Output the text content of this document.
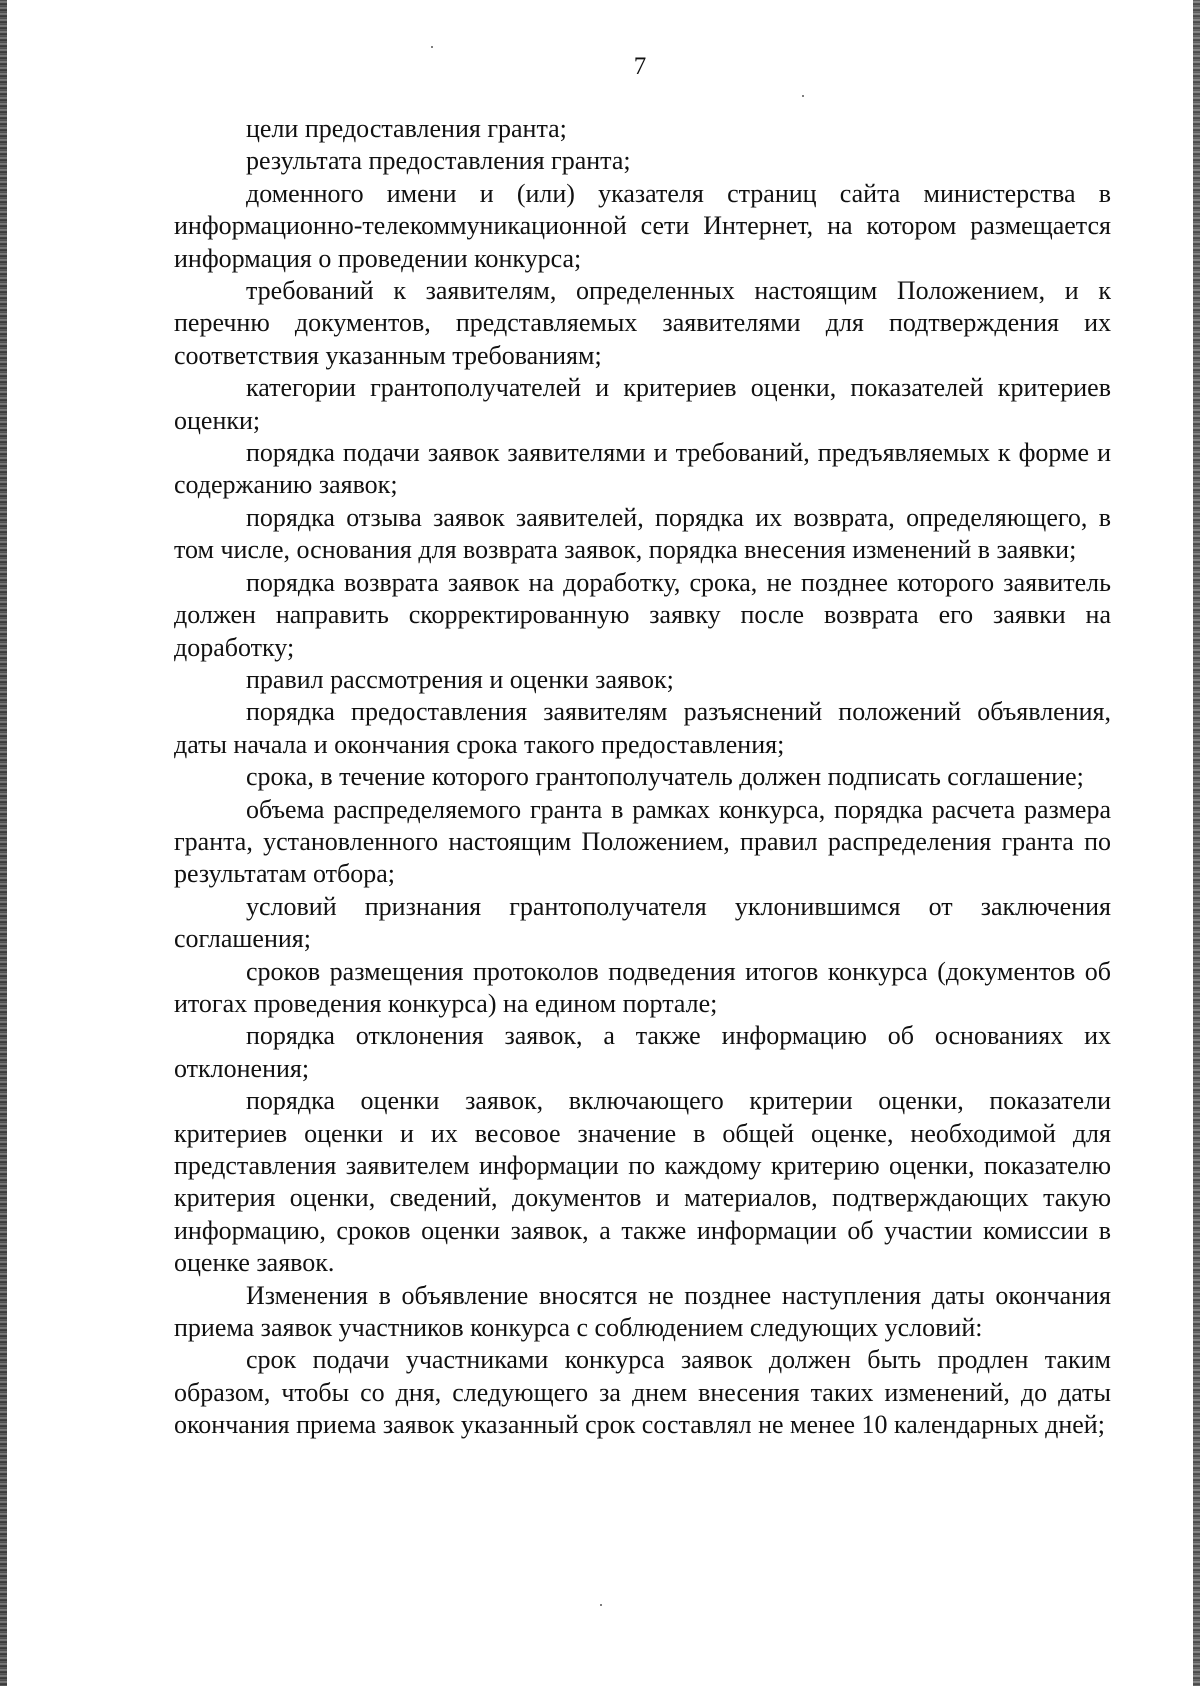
7

цели предоставления гранта;

результата предоставления гранта;

доменного имени и (или) указателя страниц сайта министерства в информационно-телекоммуникационной сети Интернет, на котором размещается информация о проведении конкурса;

требований к заявителям, определенных настоящим Положением, и к перечню документов, представляемых заявителями для подтверждения их соответствия указанным требованиям;

категории грантополучателей и критериев оценки, показателей критериев оценки;

порядка подачи заявок заявителями и требований, предъявляемых к форме и содержанию заявок;

порядка отзыва заявок заявителей, порядка их возврата, определяющего, в том числе, основания для возврата заявок, порядка внесения изменений в заявки;

порядка возврата заявок на доработку, срока, не позднее которого заявитель должен направить скорректированную заявку после возврата его заявки на доработку;

правил рассмотрения и оценки заявок;

порядка предоставления заявителям разъяснений положений объявления, даты начала и окончания срока такого предоставления;

срока, в течение которого грантополучатель должен подписать соглашение;

объема распределяемого гранта в рамках конкурса, порядка расчета размера гранта, установленного настоящим Положением, правил распределения гранта по результатам отбора;

условий признания грантополучателя уклонившимся от заключения соглашения;

сроков размещения протоколов подведения итогов конкурса (документов об итогах проведения конкурса) на едином портале;

порядка отклонения заявок, а также информацию об основаниях их отклонения;

порядка оценки заявок, включающего критерии оценки, показатели критериев оценки и их весовое значение в общей оценке, необходимой для представления заявителем информации по каждому критерию оценки, показателю критерия оценки, сведений, документов и материалов, подтверждающих такую информацию, сроков оценки заявок, а также информации об участии комиссии в оценке заявок.

Изменения в объявление вносятся не позднее наступления даты окончания приема заявок участников конкурса с соблюдением следующих условий:

срок подачи участниками конкурса заявок должен быть продлен таким образом, чтобы со дня, следующего за днем внесения таких изменений, до даты окончания приема заявок указанный срок составлял не менее 10 календарных дней;
